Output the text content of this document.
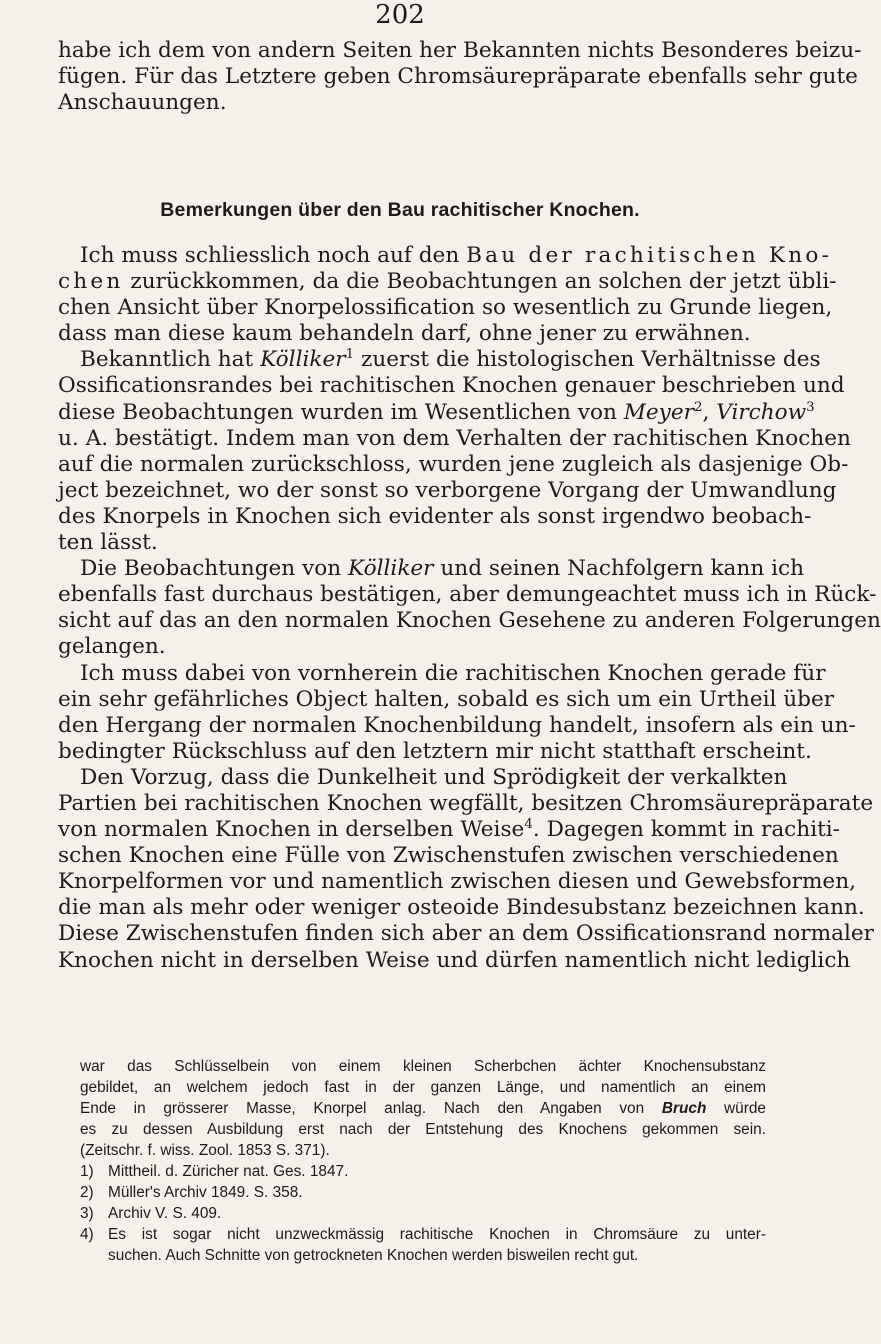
202
habe ich dem von andern Seiten her Bekannten nichts Besonderes beizu-
fügen. Für das Letztere geben Chromsäurepräparate ebenfalls sehr gute
Anschauungen.
Bemerkungen über den Bau rachitischer Knochen.
Ich muss schliesslich noch auf den Bau der rachitischen Kno-
chen zurückkommen, da die Beobachtungen an solchen der jetzt übli-
chen Ansicht über Knorpelossification so wesentlich zu Grunde liegen,
dass man diese kaum behandeln darf, ohne jener zu erwähnen.
Bekanntlich hat Kölliker$^1$ zuerst die histologischen Verhältnisse des
Ossificationsrandes bei rachitischen Knochen genauer beschrieben und
diese Beobachtungen wurden im Wesentlichen von Meyer$^2$, Virchow$^3$
u. A. bestätigt. Indem man von dem Verhalten der rachitischen Knochen
auf die normalen zurückschloss, wurden jene zugleich als dasjenige Ob-
ject bezeichnet, wo der sonst so verborgene Vorgang der Umwandlung
des Knorpels in Knochen sich evidenter als sonst irgendwo beobach-
ten lässt.
Die Beobachtungen von Kölliker und seinen Nachfolgern kann ich
ebenfalls fast durchaus bestätigen, aber demungeachtet muss ich in Rück-
sicht auf das an den normalen Knochen Gesehene zu anderen Folgerungen
gelangen.
Ich muss dabei von vornherein die rachitischen Knochen gerade für
ein sehr gefährliches Object halten, sobald es sich um ein Urtheil über
den Hergang der normalen Knochenbildung handelt, insofern als ein un-
bedingter Rückschluss auf den letztern mir nicht statthaft erscheint.
Den Vorzug, dass die Dunkelheit und Sprödigkeit der verkalkten
Partien bei rachitischen Knochen wegfällt, besitzen Chromsäurepräparate
von normalen Knochen in derselben Weise$^4$. Dagegen kommt in rachiti-
schen Knochen eine Fülle von Zwischenstufen zwischen verschiedenen
Knorpelformen vor und namentlich zwischen diesen und Gewebsformen,
die man als mehr oder weniger osteoide Bindesubstanz bezeichnen kann.
Diese Zwischenstufen finden sich aber an dem Ossificationsrand normaler
Knochen nicht in derselben Weise und dürfen namentlich nicht lediglich
war das Schlüsselbein von einem kleinen Scherbchen ächter Knochensubstanz
gebildet, an welchem jedoch fast in der ganzen Länge, und namentlich an einem
Ende in grösserer Masse, Knorpel anlag. Nach den Angaben von Bruch würde
es zu dessen Ausbildung erst nach der Entstehung des Knochens gekommen sein.
(Zeitschr. f. wiss. Zool. 1853 S. 371).
1) Mittheil. d. Züricher nat. Ges. 1847.
2) Müller's Archiv 1849. S. 358.
3) Archiv V. S. 409.
4) Es ist sogar nicht unzweckmässig rachitische Knochen in Chromsäure zu unter-
suchen. Auch Schnitte von getrockneten Knochen werden bisweilen recht gut.
